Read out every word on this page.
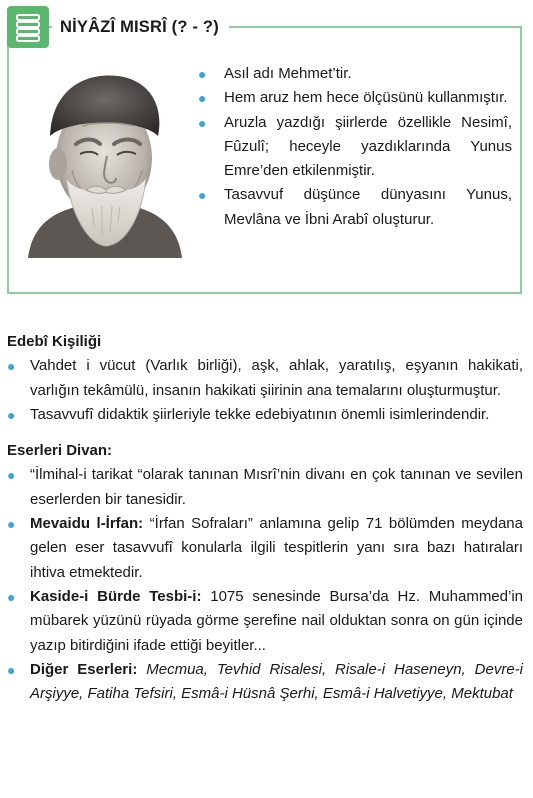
NİYÂZÎ MISRÎ (? - ?)
● Asıl adı Mehmet’tir.
● Hem aruz hem hece ölçüsünü kullanmıştır.
● Aruzla yazdığı şiirlerde özellikle Nesimî, Fûzulî; heceyle yazdıklarında Yunus Emre’den etkilenmiştir.
● Tasavvuf düşünce dünyasını Yunus, Mevlâna ve İbni Arabî oluşturur.

Edebî Kişiliği

● Vahdet i vücut (Varlık birliği), aşk, ahlak, yaratılış, eşyanın hakikati, varlığın tekâmülü, insanın hakikati şiirinin ana temalarını oluşturmuştur.
● Tasavvufî didaktik şiirleriyle tekke edebiyatının önemli isimlerindendir.

Eserleri Divan:

● “İlmihal-i tarikat “olarak tanınan Mısrî’nin divanı en çok tanınan ve sevilen eserlerden bir tanesidir.
● Mevaidu l-İrfan: “İrfan Sofraları” anlamına gelip 71 bölümden meydana gelen eser tasavvufî konularla ilgili tespitlerin yanı sıra bazı hatıraları ihtiva etmektedir.
● Kaside-i Bürde Tesbi-i: 1075 senesinde Bursa’da Hz. Muhammed’in mübarek yüzünü rüyada görme şerefine nail olduktan sonra on gün içinde yazıp bitirdiğini ifade ettiği beyitler...
● Diğer Eserleri: Mecmua, Tevhid Risalesi, Risale-i Haseneyn, Devre-i Arşiyye, Fatiha Tefsiri, Esmâ-i Hüsnâ Şerhi, Esmâ-i Halvetiyye, Mektubat
